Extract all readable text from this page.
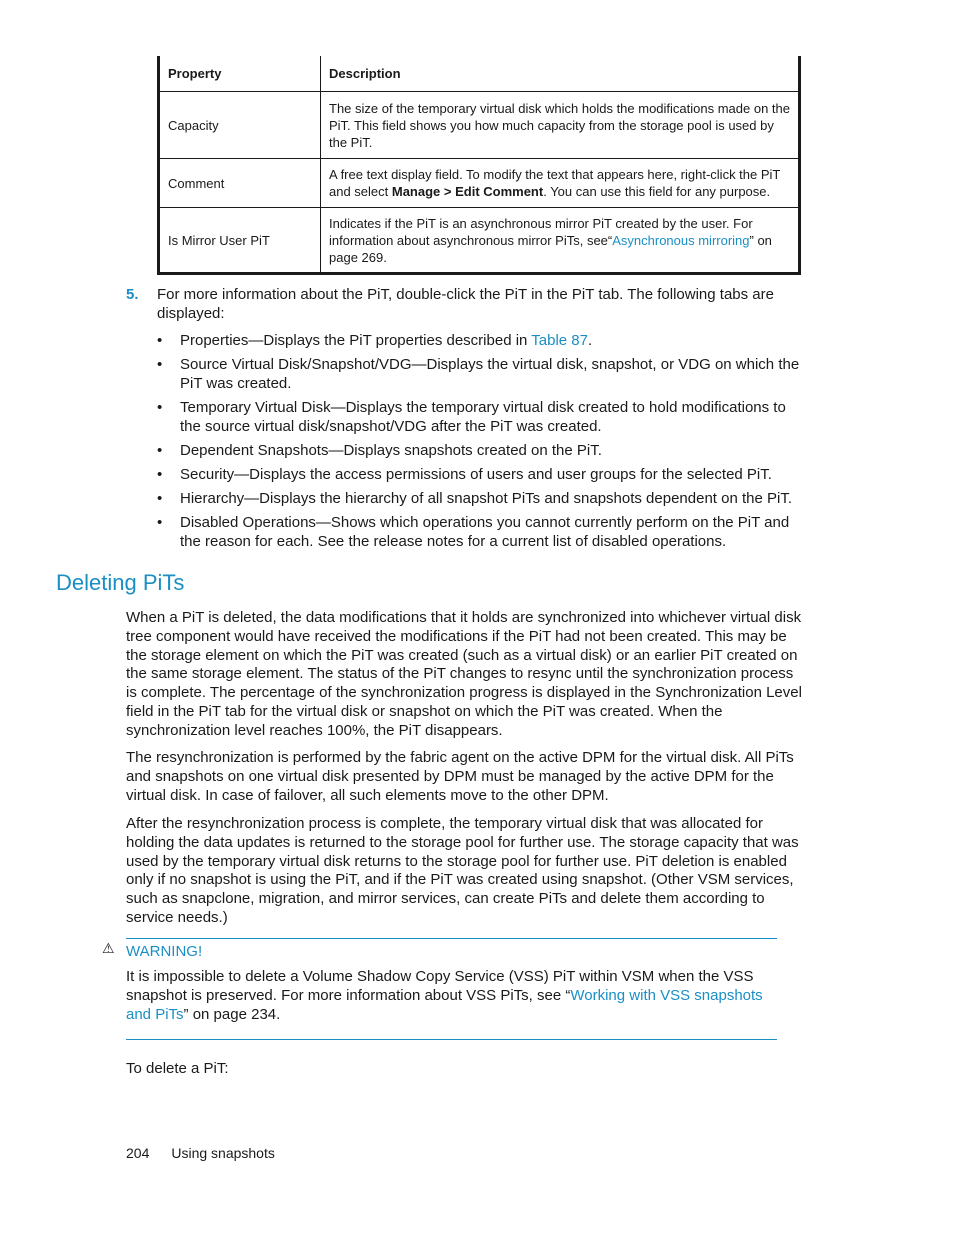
Property	Description
Capacity	The size of the temporary virtual disk which holds the modifications made on the PiT. This field shows you how much capacity from the storage pool is used by the PiT.
Comment	A free text display field. To modify the text that appears here, right-click the PiT and select Manage > Edit Comment. You can use this field for any purpose.
Is Mirror User PiT	Indicates if the PiT is an asynchronous mirror PiT created by the user. For information about asynchronous mirror PiTs, see“Asynchronous mirroring” on page 269.
5. For more information about the PiT, double-click the PiT in the PiT tab. The following tabs are displayed:
• Properties—Displays the PiT properties described in Table 87.
• Source Virtual Disk/Snapshot/VDG—Displays the virtual disk, snapshot, or VDG on which the PiT was created.
• Temporary Virtual Disk—Displays the temporary virtual disk created to hold modifications to the source virtual disk/snapshot/VDG after the PiT was created.
• Dependent Snapshots—Displays snapshots created on the PiT.
• Security—Displays the access permissions of users and user groups for the selected PiT.
• Hierarchy—Displays the hierarchy of all snapshot PiTs and snapshots dependent on the PiT.
• Disabled Operations—Shows which operations you cannot currently perform on the PiT and the reason for each. See the release notes for a current list of disabled operations.
Deleting PiTs

When a PiT is deleted, the data modifications that it holds are synchronized into whichever virtual disk tree component would have received the modifications if the PiT had not been created. This may be the storage element on which the PiT was created (such as a virtual disk) or an earlier PiT created on the same storage element. The status of the PiT changes to resync until the synchronization process is complete. The percentage of the synchronization progress is displayed in the Synchronization Level field in the PiT tab for the virtual disk or snapshot on which the PiT was created. When the synchronization level reaches 100%, the PiT disappears.

The resynchronization is performed by the fabric agent on the active DPM for the virtual disk. All PiTs and snapshots on one virtual disk presented by DPM must be managed by the active DPM for the virtual disk. In case of failover, all such elements move to the other DPM.

After the resynchronization process is complete, the temporary virtual disk that was allocated for holding the data updates is returned to the storage pool for further use. The storage capacity that was used by the temporary virtual disk returns to the storage pool for further use. PiT deletion is enabled only if no snapshot is using the PiT, and if the PiT was created using snapshot. (Other VSM services, such as snapclone, migration, and mirror services, can create PiTs and delete them according to service needs.)

⚠ WARNING!

It is impossible to delete a Volume Shadow Copy Service (VSS) PiT within VSM when the VSS snapshot is preserved. For more information about VSS PiTs, see “Working with VSS snapshots and PiTs” on page 234.

To delete a PiT:

204 Using snapshots
